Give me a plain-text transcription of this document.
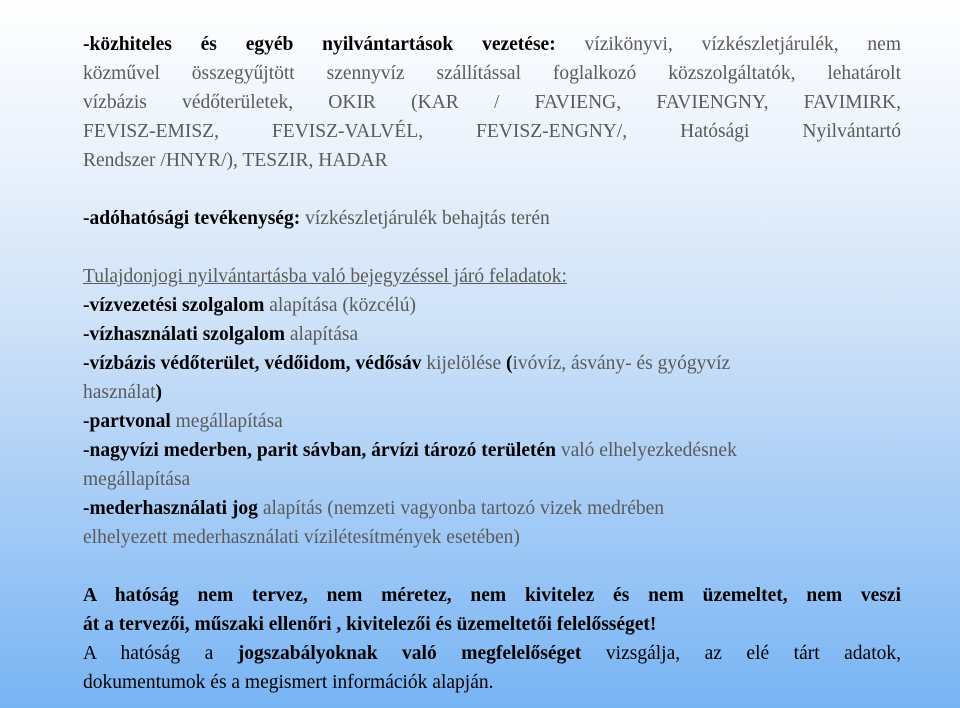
-közhiteles és egyéb nyilvántartások vezetése: vízikönyvi, vízkészletjárulék, nem

közművel összegyűjtött szennyvíz szállítással foglalkozó közszolgáltatók, lehatárolt

vízbázis védőterületek, OKIR (KAR / FAVIENG, FAVIENGNY, FAVIMIRK,

FEVISZ-EMISZ, FEVISZ-VALVÉL, FEVISZ-ENGNY/, Hatósági Nyilvántartó

Rendszer /HNYR/), TESZIR, HADAR

-adóhatósági tevékenység: vízkészletjárulék behajtás terén

Tulajdonjogi nyilvántartásba való bejegyzéssel járó feladatok:

-vízvezetési szolgalom alapítása (közcélú)

-vízhasználati szolgalom alapítása

-vízbázis védőterület, védőidom, védősáv kijelölése (ivóvíz, ásvány- és gyógyvíz

használat)

-partvonal megállapítása

-nagyvízi mederben, parit sávban, árvízi tározó területén való elhelyezkedésnek

megállapítása

-mederhasználati jog alapítás (nemzeti vagyonba tartozó vizek medrében

elhelyezett mederhasználati vízilétesítmények esetében)

A hatóság nem tervez, nem méretez, nem kivitelez és nem üzemeltet, nem veszi

át a tervezői, műszaki ellenőri , kivitelezői és üzemeltetői felelősséget!

A hatóság a jogszabályoknak való megfelelőséget vizsgálja, az elé tárt adatok,

dokumentumok és a megismert információk alapján.
